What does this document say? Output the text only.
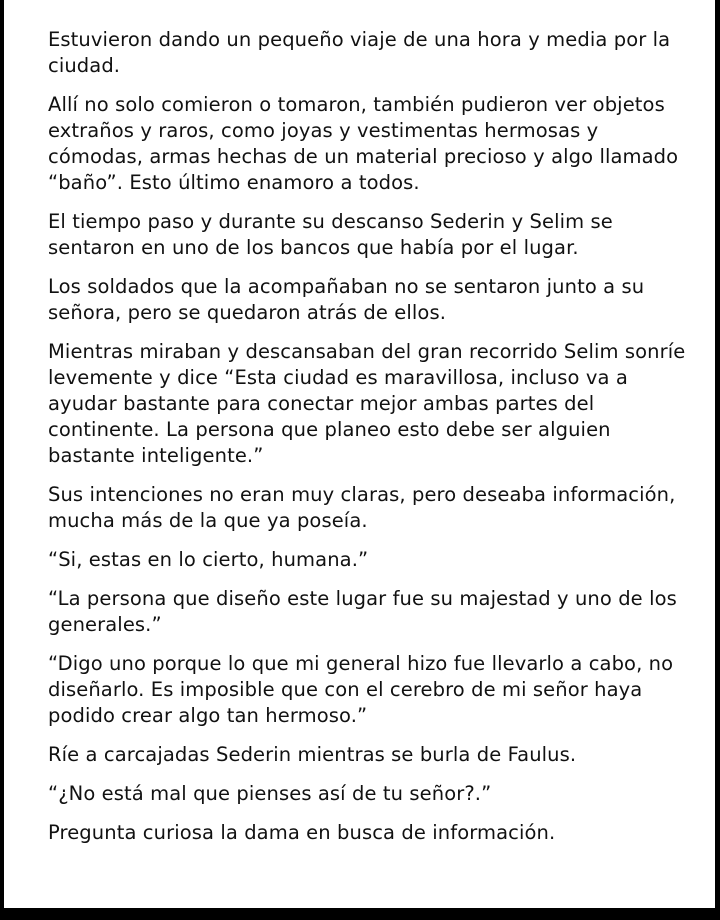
Estuvieron dando un pequeño viaje de una hora y media por la ciudad.

Allí no solo comieron o tomaron, también pudieron ver objetos extraños y raros, como joyas y vestimentas hermosas y cómodas, armas hechas de un material precioso y algo llamado “baño”. Esto último enamoro a todos.

El tiempo paso y durante su descanso Sederin y Selim se sentaron en uno de los bancos que había por el lugar.

Los soldados que la acompañaban no se sentaron junto a su señora, pero se quedaron atrás de ellos.

Mientras miraban y descansaban del gran recorrido Selim sonríe levemente y dice “Esta ciudad es maravillosa, incluso va a ayudar bastante para conectar mejor ambas partes del continente. La persona que planeo esto debe ser alguien bastante inteligente.”

Sus intenciones no eran muy claras, pero deseaba información, mucha más de la que ya poseía.

“Si, estas en lo cierto, humana.”

“La persona que diseño este lugar fue su majestad y uno de los generales.”

“Digo uno porque lo que mi general hizo fue llevarlo a cabo, no diseñarlo. Es imposible que con el cerebro de mi señor haya podido crear algo tan hermoso.”

Ríe a carcajadas Sederin mientras se burla de Faulus.

“¿No está mal que pienses así de tu señor?.”

Pregunta curiosa la dama en busca de información.
